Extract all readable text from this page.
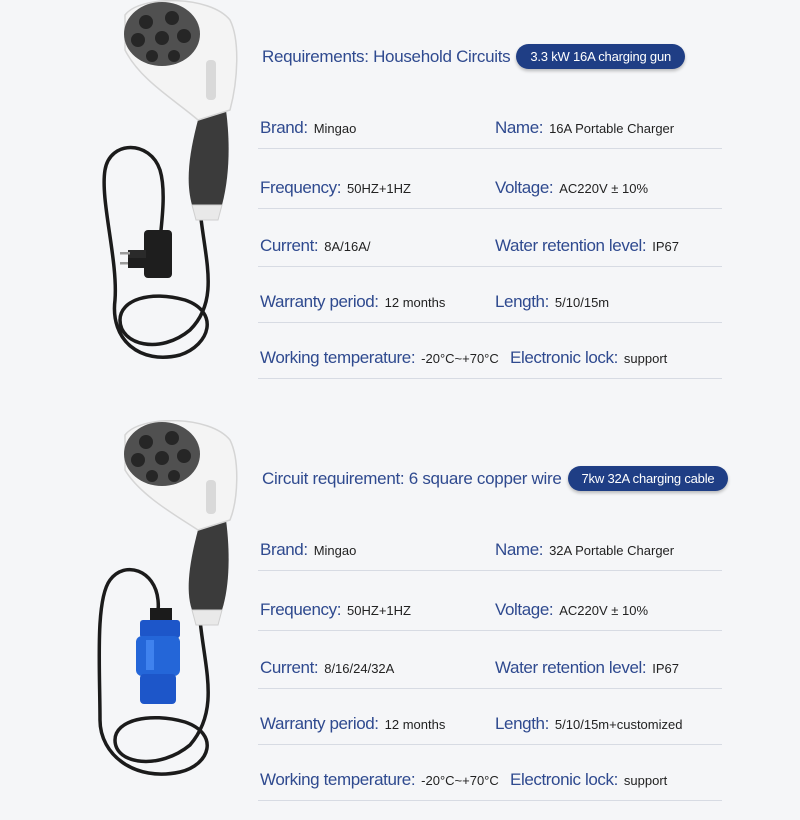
Requirements: Household Circuits	3.3 kW 16A charging gun
Brand: Mingao	Name: 16A Portable Charger
Frequency: 50HZ+1HZ	Voltage: AC220V ± 10%
Current: 8A/16A/	Water retention level: IP67
Warranty period: 12 months	Length: 5/10/15m
Working temperature: -20°C~+70°C Electronic lock: support
Circuit requirement: 6 square copper wire	7kw 32A charging cable
Brand: Mingao	Name: 32A Portable Charger
Frequency: 50HZ+1HZ	Voltage: AC220V ± 10%
Current: 8/16/24/32A	Water retention level: IP67
Warranty period: 12 months	Length: 5/10/15m+customized
Working temperature: -20°C~+70°C Electronic lock: support
